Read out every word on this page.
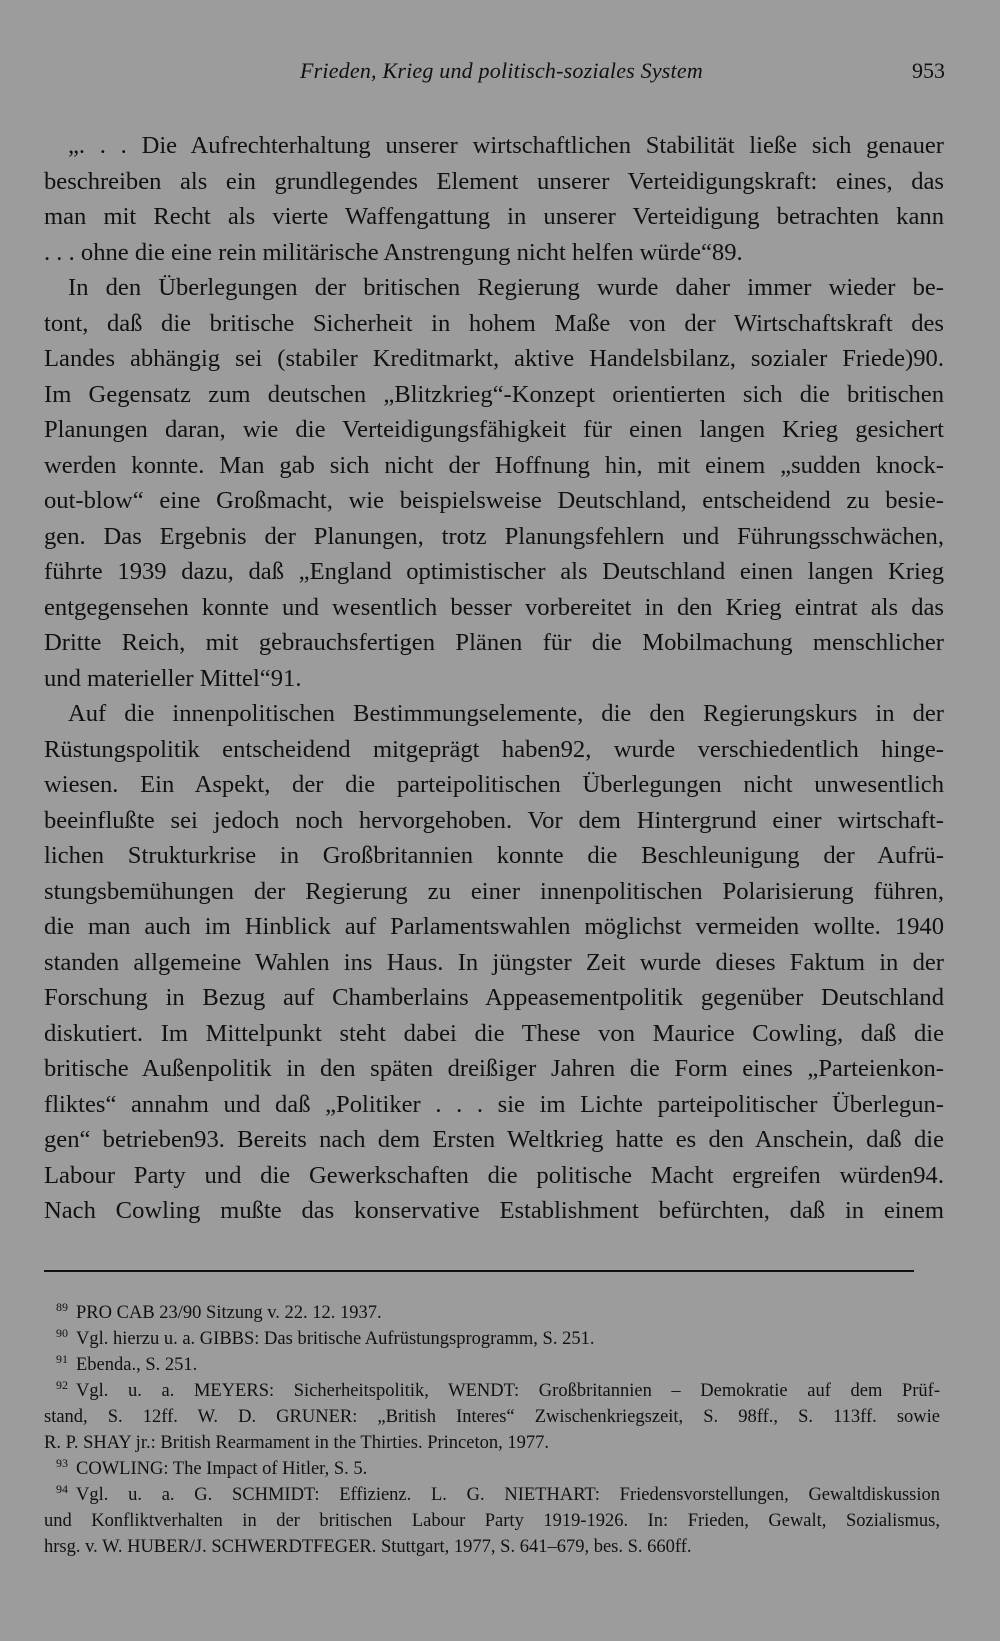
Frieden, Krieg und politisch-soziales System	953
„. . . Die Aufrechterhaltung unserer wirtschaftlichen Stabilität ließe sich genauer
beschreiben als ein grundlegendes Element unserer Verteidigungskraft: eines, das
man mit Recht als vierte Waffengattung in unserer Verteidigung betrachten kann
. . . ohne die eine rein militärische Anstrengung nicht helfen würde“89.
In den Überlegungen der britischen Regierung wurde daher immer wieder be-
tont, daß die britische Sicherheit in hohem Maße von der Wirtschaftskraft des
Landes abhängig sei (stabiler Kreditmarkt, aktive Handelsbilanz, sozialer Friede)90.
Im Gegensatz zum deutschen „Blitzkrieg“-Konzept orientierten sich die britischen
Planungen daran, wie die Verteidigungsfähigkeit für einen langen Krieg gesichert
werden konnte. Man gab sich nicht der Hoffnung hin, mit einem „sudden knock-
out-blow“ eine Großmacht, wie beispielsweise Deutschland, entscheidend zu besie-
gen. Das Ergebnis der Planungen, trotz Planungsfehlern und Führungsschwächen,
führte 1939 dazu, daß „England optimistischer als Deutschland einen langen Krieg
entgegensehen konnte und wesentlich besser vorbereitet in den Krieg eintrat als das
Dritte Reich, mit gebrauchsfertigen Plänen für die Mobilmachung menschlicher
und materieller Mittel“91.
Auf die innenpolitischen Bestimmungselemente, die den Regierungskurs in der
Rüstungspolitik entscheidend mitgeprägt haben92, wurde verschiedentlich hinge-
wiesen. Ein Aspekt, der die parteipolitischen Überlegungen nicht unwesentlich
beeinflußte sei jedoch noch hervorgehoben. Vor dem Hintergrund einer wirtschaft-
lichen Strukturkrise in Großbritannien konnte die Beschleunigung der Aufrü-
stungsbemühungen der Regierung zu einer innenpolitischen Polarisierung führen,
die man auch im Hinblick auf Parlamentswahlen möglichst vermeiden wollte. 1940
standen allgemeine Wahlen ins Haus. In jüngster Zeit wurde dieses Faktum in der
Forschung in Bezug auf Chamberlains Appeasementpolitik gegenüber Deutschland
diskutiert. Im Mittelpunkt steht dabei die These von Maurice Cowling, daß die
britische Außenpolitik in den späten dreißiger Jahren die Form eines „Parteienkon-
fliktes“ annahm und daß „Politiker . . . sie im Lichte parteipolitischer Überlegun-
gen“ betrieben93. Bereits nach dem Ersten Weltkrieg hatte es den Anschein, daß die
Labour Party und die Gewerkschaften die politische Macht ergreifen würden94.
Nach Cowling mußte das konservative Establishment befürchten, daß in einem
$^{89}$ PRO CAB 23/90 Sitzung v. 22. 12. 1937.
$^{90}$ Vgl. hierzu u. a. GIBBS: Das britische Aufrüstungsprogramm, S. 251.
$^{91}$ Ebenda., S. 251.
$^{92}$ Vgl. u. a. MEYERS: Sicherheitspolitik, WENDT: Großbritannien – Demokratie auf dem Prüf-
stand, S. 12ff. W. D. GRUNER: „British Interes“ Zwischenkriegszeit, S. 98ff., S. 113ff. sowie
R. P. SHAY jr.: British Rearmament in the Thirties. Princeton, 1977.
$^{93}$ COWLING: The Impact of Hitler, S. 5.
$^{94}$ Vgl. u. a. G. SCHMIDT: Effizienz. L. G. NIETHART: Friedensvorstellungen, Gewaltdiskussion
und Konfliktverhalten in der britischen Labour Party 1919-1926. In: Frieden, Gewalt, Sozialismus,
hrsg. v. W. HUBER/J. SCHWERDTFEGER. Stuttgart, 1977, S. 641–679, bes. S. 660ff.
